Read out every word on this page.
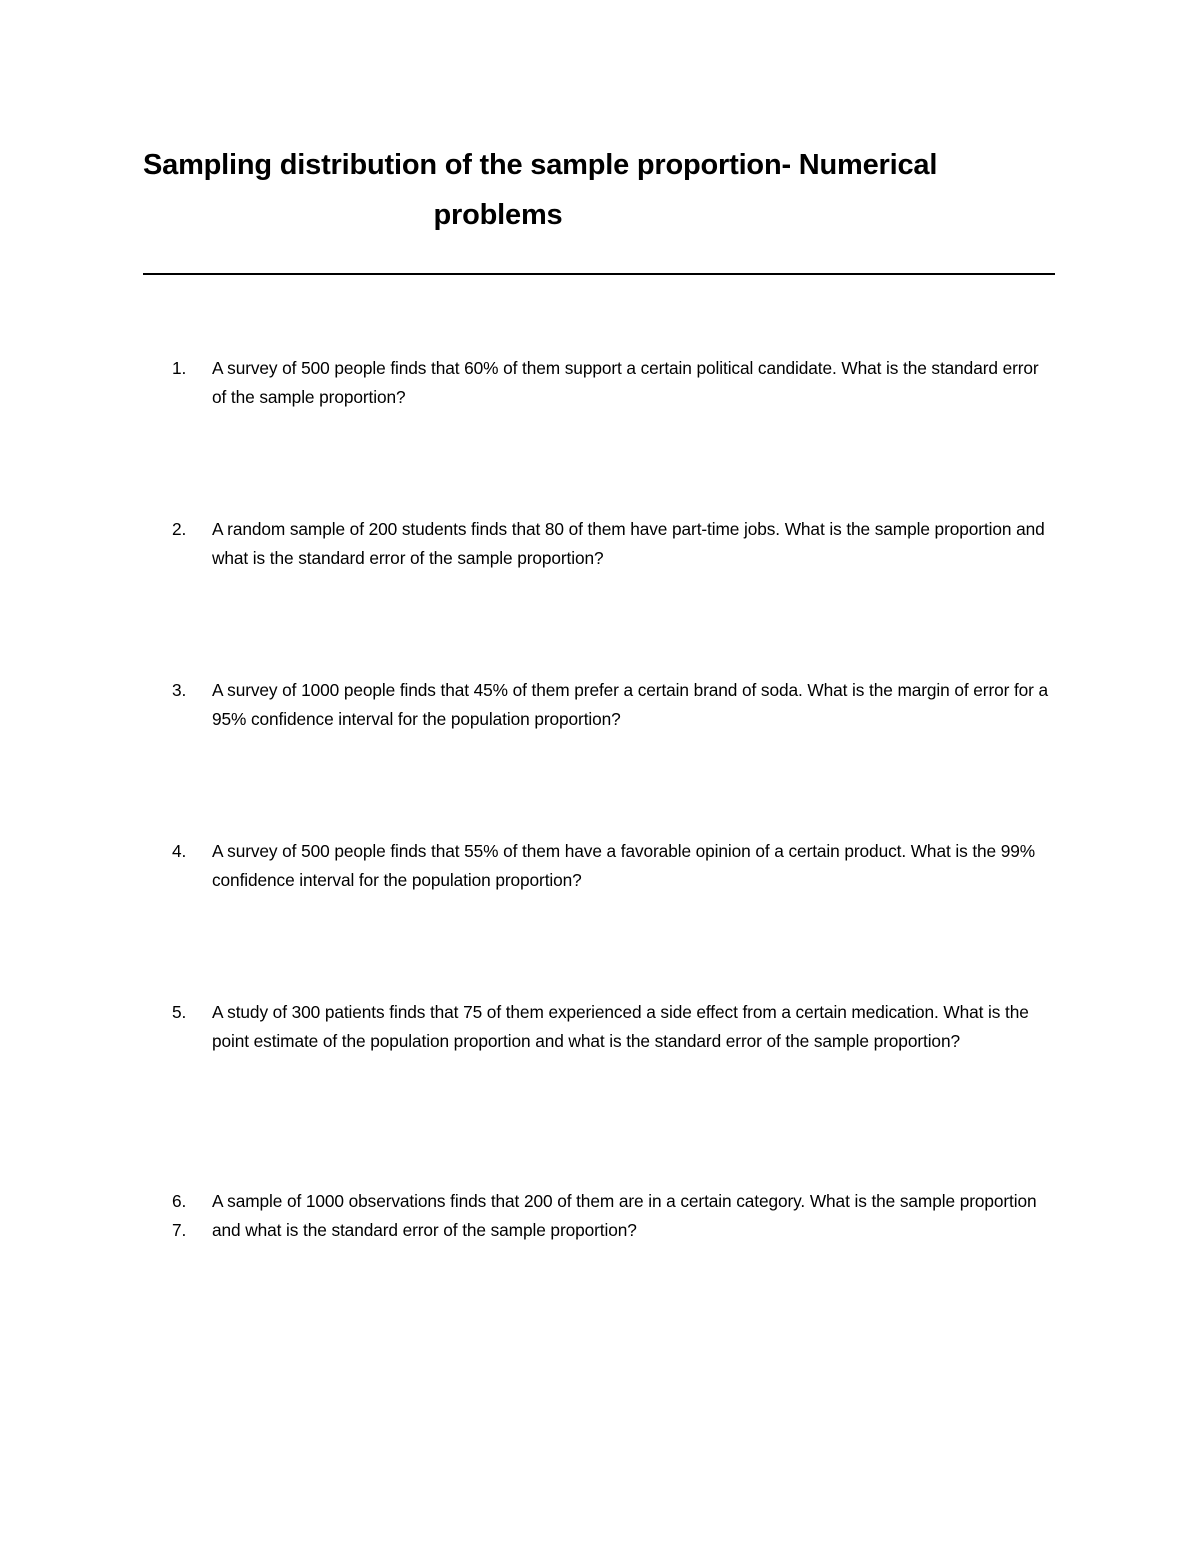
Sampling distribution of the sample proportion- Numerical
problems
1.	A survey of 500 people finds that 60% of them support a certain political candidate. What is the standard error of the sample proportion?
2.	A random sample of 200 students finds that 80 of them have part-time jobs. What is the sample proportion and what is the standard error of the sample proportion?
3.	A survey of 1000 people finds that 45% of them prefer a certain brand of soda. What is the margin of error for a 95% confidence interval for the population proportion?
4.	A survey of 500 people finds that 55% of them have a favorable opinion of a certain product. What is the 99% confidence interval for the population proportion?
5.	A study of 300 patients finds that 75 of them experienced a side effect from a certain medication. What is the point estimate of the population proportion and what is the standard error of the sample proportion?
6.
7.
A sample of 1000 observations finds that 200 of them are in a certain category. What is the sample proportion and what is the standard error of the sample proportion?
